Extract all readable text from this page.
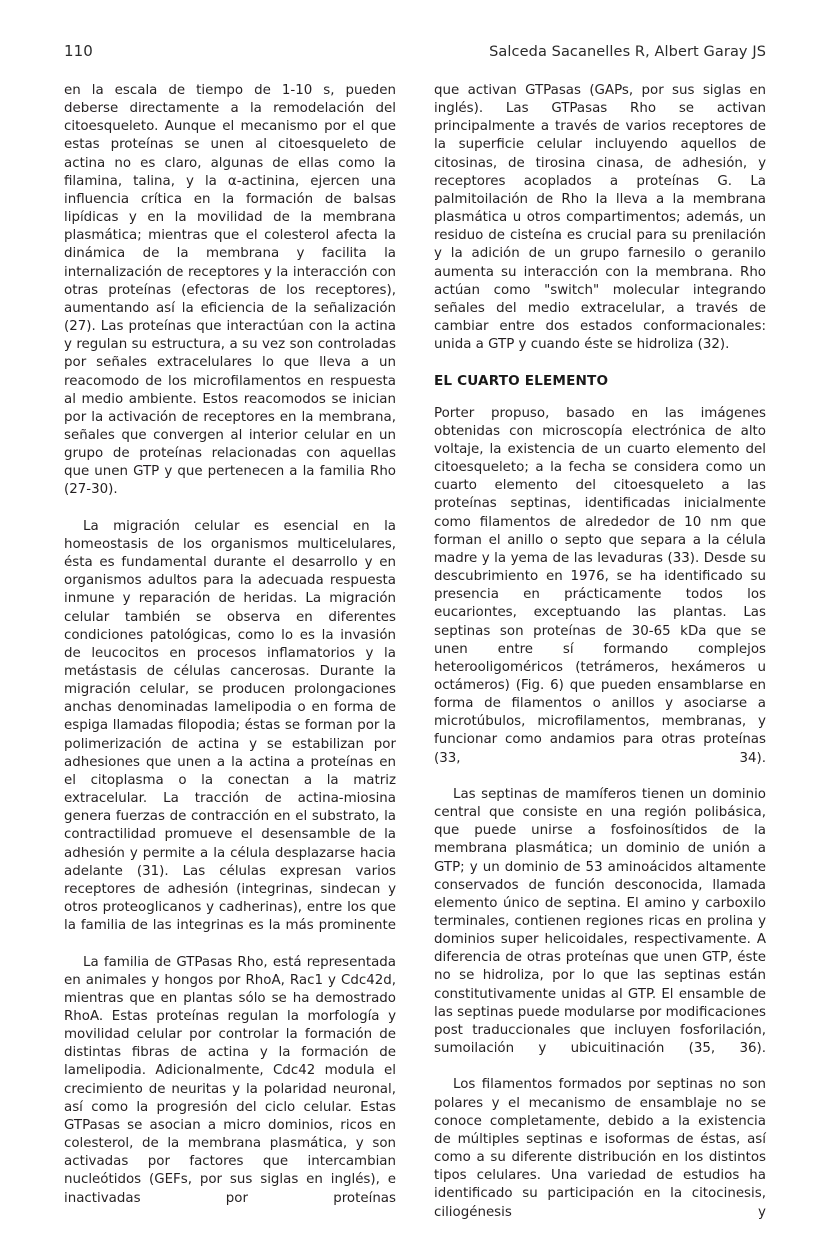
110	Salceda Sacanelles R, Albert Garay JS

en la escala de tiempo de 1-10 s, pueden deberse directamente a la remodelación del citoesqueleto. Aunque el mecanismo por el que estas proteínas se unen al citoesqueleto de actina no es claro, algunas de ellas como la filamina, talina, y la α-actinina, ejercen una influencia crítica en la formación de balsas lipídicas y en la movilidad de la membrana plasmática; mientras que el colesterol afecta la dinámica de la membrana y facilita la internalización de receptores y la interacción con otras proteínas (efectoras de los receptores), aumentando así la eficiencia de la señalización (27). Las proteínas que interactúan con la actina y regulan su estructura, a su vez son controladas por señales extracelulares lo que lleva a un reacomodo de los microfilamentos en respuesta al medio ambiente. Estos reacomodos se inician por la activación de receptores en la membrana, señales que convergen al interior celular en un grupo de proteínas relacionadas con aquellas que unen GTP y que pertenecen a la familia Rho (27-30).

La migración celular es esencial en la homeostasis de los organismos multicelulares, ésta es fundamental durante el desarrollo y en organismos adultos para la adecuada respuesta inmune y reparación de heridas. La migración celular también se observa en diferentes condiciones patológicas, como lo es la invasión de leucocitos en procesos inflamatorios y la metástasis de células cancerosas. Durante la migración celular, se producen prolongaciones anchas denominadas lamelipodia o en forma de espiga llamadas filopodia; éstas se forman por la polimerización de actina y se estabilizan por adhesiones que unen a la actina a proteínas en el citoplasma o la conectan a la matriz extracelular. La tracción de actina-miosina genera fuerzas de contracción en el substrato, la contractilidad promueve el desensamble de la adhesión y permite a la célula desplazarse hacia adelante (31). Las células expresan varios receptores de adhesión (integrinas, sindecan y otros proteoglicanos y cadherinas), entre los que la familia de las integrinas es la más prominente

La familia de GTPasas Rho, está representada en animales y hongos por RhoA, Rac1 y Cdc42d, mientras que en plantas sólo se ha demostrado RhoA. Estas proteínas regulan la morfología y movilidad celular por controlar la formación de distintas fibras de actina y la formación de lamelipodia. Adicionalmente, Cdc42 modula el crecimiento de neuritas y la polaridad neuronal, así como la progresión del ciclo celular. Estas GTPasas se asocian a micro dominios, ricos en colesterol, de la membrana plasmática, y son activadas por factores que intercambian nucleótidos (GEFs, por sus siglas en inglés), e inactivadas por proteínas

que activan GTPasas (GAPs, por sus siglas en inglés). Las GTPasas Rho se activan principalmente a través de varios receptores de la superficie celular incluyendo aquellos de citosinas, de tirosina cinasa, de adhesión, y receptores acoplados a proteínas G. La palmitoilación de Rho la lleva a la membrana plasmática u otros compartimentos; además, un residuo de cisteína es crucial para su prenilación y la adición de un grupo farnesilo o geranilo aumenta su interacción con la membrana. Rho actúan como "switch" molecular integrando señales del medio extracelular, a través de cambiar entre dos estados conformacionales: unida a GTP y cuando éste se hidroliza (32).

EL CUARTO ELEMENTO

Porter propuso, basado en las imágenes obtenidas con microscopía electrónica de alto voltaje, la existencia de un cuarto elemento del citoesqueleto; a la fecha se considera como un cuarto elemento del citoesqueleto a las proteínas septinas, identificadas inicialmente como filamentos de alrededor de 10 nm que forman el anillo o septo que separa a la célula madre y la yema de las levaduras (33). Desde su descubrimiento en 1976, se ha identificado su presencia en prácticamente todos los eucariontes, exceptuando las plantas. Las septinas son proteínas de 30-65 kDa que se unen entre sí formando complejos heterooligoméricos (tetrámeros, hexámeros u octámeros) (Fig. 6) que pueden ensamblarse en forma de filamentos o anillos y asociarse a microtúbulos, microfilamentos, membranas, y funcionar como andamios para otras proteínas (33, 34).

Las septinas de mamíferos tienen un dominio central que consiste en una región polibásica, que puede unirse a fosfoinosítidos de la membrana plasmática; un dominio de unión a GTP; y un dominio de 53 aminoácidos altamente conservados de función desconocida, llamada elemento único de septina. El amino y carboxilo terminales, contienen regiones ricas en prolina y dominios super helicoidales, respectivamente. A diferencia de otras proteínas que unen GTP, éste no se hidroliza, por lo que las septinas están constitutivamente unidas al GTP. El ensamble de las septinas puede modularse por modificaciones post traduccionales que incluyen fosforilación, sumoilación y ubicuitinación (35, 36).

Los filamentos formados por septinas no son polares y el mecanismo de ensamblaje no se conoce completamente, debido a la existencia de múltiples septinas e isoformas de éstas, así como a su diferente distribución en los distintos tipos celulares. Una variedad de estudios ha identificado su participación en la citocinesis, ciliogénesis y
